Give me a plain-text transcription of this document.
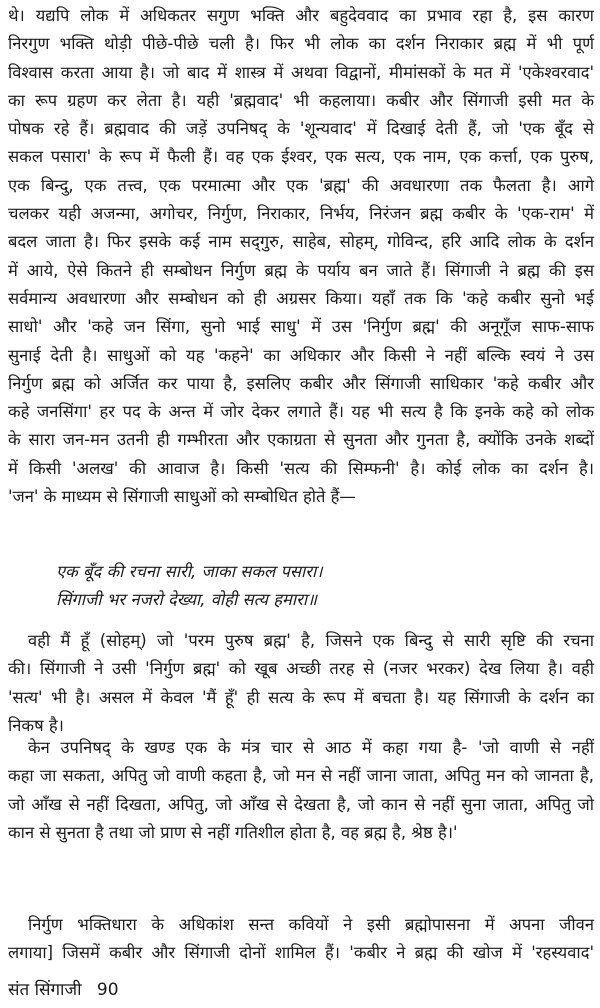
थे। यद्यपि लोक में अधिकतर सगुण भक्ति और बहुदेववाद का प्रभाव रहा है, इस कारण
निरगुण भक्ति थोड़ी पीछे-पीछे चली है। फिर भी लोक का दर्शन निराकार ब्रह्म में भी पूर्ण
विश्वास करता आया है। जो बाद में शास्त्र में अथवा विद्वानों, मीमांसकों के मत में 'एकेश्वरवाद'
का रूप ग्रहण कर लेता है। यही 'ब्रह्मवाद' भी कहलाया। कबीर और सिंगाजी इसी मत के
पोषक रहे हैं। ब्रह्मवाद की जड़ें उपनिषद् के 'शून्यवाद' में दिखाई देती हैं, जो 'एक बूँद से
सकल पसारा' के रूप में फैली हैं। वह एक ईश्वर, एक सत्य, एक नाम, एक कर्त्ता, एक पुरुष,
एक बिन्दु, एक तत्त्व, एक परमात्मा और एक 'ब्रह्म' की अवधारणा तक फैलता है। आगे
चलकर यही अजन्मा, अगोचर, निर्गुण, निराकार, निर्भय, निरंजन ब्रह्म कबीर के 'एक-राम' में
बदल जाता है। फिर इसके कई नाम सद्‌गुरु, साहेब, सोहम्, गोविन्द, हरि आदि लोक के दर्शन
में आये, ऐसे कितने ही सम्बोधन निर्गुण ब्रह्म के पर्याय बन जाते हैं। सिंगाजी ने ब्रह्म की इस
सर्वमान्य अवधारणा और सम्बोधन को ही अग्रसर किया। यहाँ तक कि 'कहे कबीर सुनो भई
साधो' और 'कहे जन सिंगा, सुनो भाई साधु' में उस 'निर्गुण ब्रह्म' की अनूगूँज साफ-साफ
सुनाई देती है। साधुओं को यह 'कहने' का अधिकार और किसी ने नहीं बल्कि स्वयं ने उस
निर्गुण ब्रह्म को अर्जित कर पाया है, इसलिए कबीर और सिंगाजी साधिकार 'कहे कबीर और
कहे जनसिंगा' हर पद के अन्त में जोर देकर लगाते हैं। यह भी सत्य है कि इनके कहे को लोक
के सारा जन-मन उतनी ही गम्भीरता और एकाग्रता से सुनता और गुनता है, क्योंकि उनके शब्दों
में किसी 'अलख' की आवाज है। किसी 'सत्य की सिम्फनी' है। कोई लोक का दर्शन है।
'जन' के माध्यम से सिंगाजी साधुओं को सम्बोधित होते हैं—
एक बूँद की रचना सारी, जाका सकल पसारा।
सिंगाजी भर नजरो देख्या, वोही सत्य हमारा॥
वही मैं हूँ (सोहम्) जो 'परम पुरुष ब्रह्म' है, जिसने एक बिन्दु से सारी सृष्टि की रचना
की। सिंगाजी ने उसी 'निर्गुण ब्रह्म' को खूब अच्छी तरह से (नजर भरकर) देख लिया है। वही
'सत्य' भी है। असल में केवल 'मैं हूँ' ही सत्य के रूप में बचता है। यह सिंगाजी के दर्शन का
निकष है।
केन उपनिषद् के खण्ड एक के मंत्र चार से आठ में कहा गया है- 'जो वाणी से नहीं
कहा जा सकता, अपितु जो वाणी कहता है, जो मन से नहीं जाना जाता, अपितु मन को जानता है,
जो आँख से नहीं दिखता, अपितु, जो आँख से देखता है, जो कान से नहीं सुना जाता, अपितु जो
कान से सुनता है तथा जो प्राण से नहीं गतिशील होता है, वह ब्रह्म है, श्रेष्ठ है।'
निर्गुण भक्तिधारा के अधिकांश सन्त कवियों ने इसी ब्रह्मोपासना में अपना जीवन
लगाया] जिसमें कबीर और सिंगाजी दोनों शामिल हैं। 'कबीर ने ब्रह्म की खोज में 'रहस्यवाद'
संत सिंगाजी 90
